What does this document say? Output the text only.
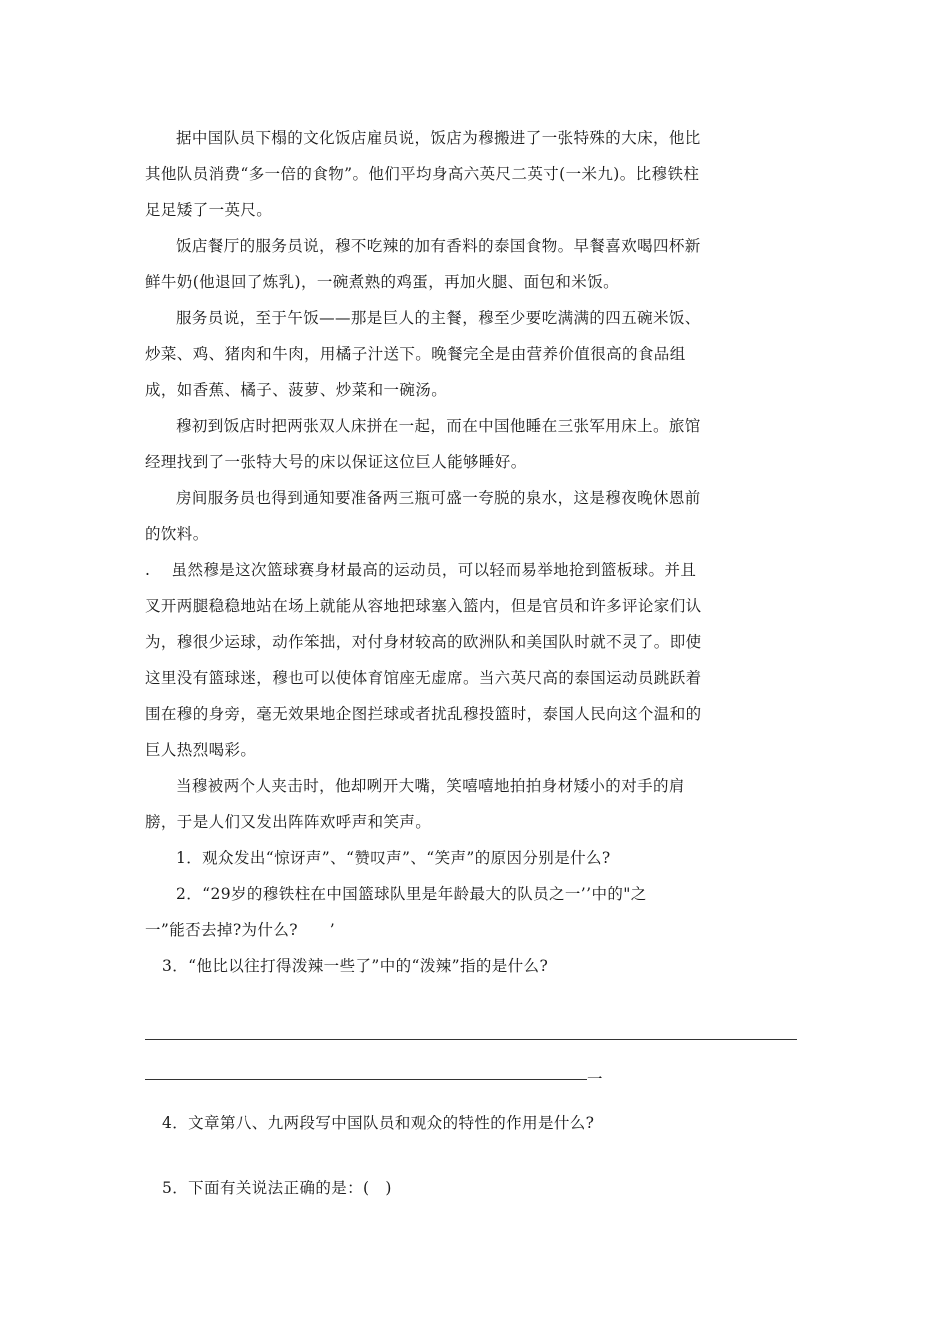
据中国队员下榻的文化饭店雇员说，饭店为穆搬进了一张特殊的大床，他比其他队员消费“多一倍的食物”。他们平均身高六英尺二英寸(一米九)。比穆铁柱足足矮了一英尺。
饭店餐厅的服务员说，穆不吃辣的加有香料的泰国食物。早餐喜欢喝四杯新鲜牛奶(他退回了炼乳)，一碗煮熟的鸡蛋，再加火腿、面包和米饭。
服务员说，至于午饭——那是巨人的主餐，穆至少要吃满满的四五碗米饭、炒菜、鸡、猪肉和牛肉，用橘子汁送下。晚餐完全是由营养价值很高的食品组成，如香蕉、橘子、菠萝、炒菜和一碗汤。
穆初到饭店时把两张双人床拼在一起，而在中国他睡在三张军用床上。旅馆经理找到了一张特大号的床以保证这位巨人能够睡好。
房间服务员也得到通知要准备两三瓶可盛一夸脱的泉水，这是穆夜晚休恩前的饮料。
.　 虽然穆是这次篮球赛身材最高的运动员，可以轻而易举地抢到篮板球。并且叉开两腿稳稳地站在场上就能从容地把球塞入篮内，但是官员和许多评论家们认为，穆很少运球，动作笨拙，对付身材较高的欧洲队和美国队时就不灵了。即使这里没有篮球迷，穆也可以使体育馆座无虚席。当六英尺高的泰国运动员跳跃着围在穆的身旁，毫无效果地企图拦球或者扰乱穆投篮时，泰国人民向这个温和的巨人热烈喝彩。
当穆被两个人夹击时，他却咧开大嘴，笑嘻嘻地拍拍身材矮小的对手的肩膀，于是人们又发出阵阵欢呼声和笑声。
1．观众发出“惊讶声”、“赞叹声”、“笑声”的原因分别是什么?
2．“29岁的穆铁柱在中国篮球队里是年龄最大的队员之一’’中的"之
一”能否去掉?为什么?　　’
3．“他比以往打得泼辣一些了”中的“泼辣”指的是什么?
一
4．文章第八、九两段写中国队员和观众的特性的作用是什么?
5．下面有关说法正确的是：(　)
